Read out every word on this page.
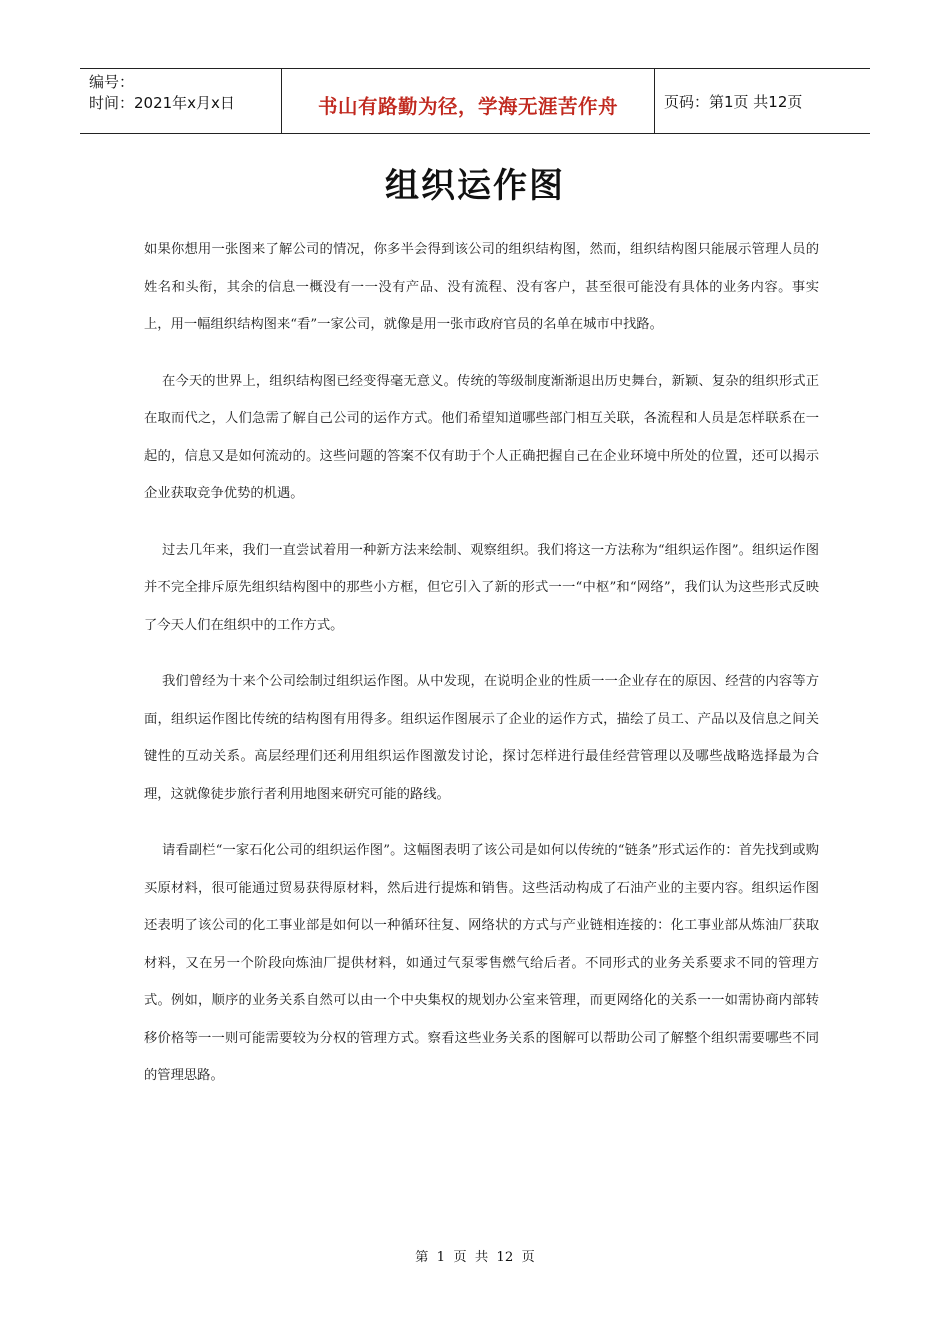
编号：
时间：2021年x月x日	书山有路勤为径，学海无涯苦作舟	页码：第1页 共12页
组织运作图

如果你想用一张图来了解公司的情况，你多半会得到该公司的组织结构图，然而，组织结构图只能展示管理人员的姓名和头衔，其余的信息一概没有一一没有产品、没有流程、没有客户，甚至很可能没有具体的业务内容。事实上，用一幅组织结构图来“看”一家公司，就像是用一张市政府官员的名单在城市中找路。

在今天的世界上，组织结构图已经变得毫无意义。传统的等级制度渐渐退出历史舞台，新颖、复杂的组织形式正在取而代之，人们急需了解自己公司的运作方式。他们希望知道哪些部门相互关联，各流程和人员是怎样联系在一起的，信息又是如何流动的。这些问题的答案不仅有助于个人正确把握自己在企业环境中所处的位置，还可以揭示企业获取竞争优势的机遇。

过去几年来，我们一直尝试着用一种新方法来绘制、观察组织。我们将这一方法称为“组织运作图”。组织运作图并不完全排斥原先组织结构图中的那些小方框，但它引入了新的形式一一“中枢”和“网络”，我们认为这些形式反映了今天人们在组织中的工作方式。

我们曾经为十来个公司绘制过组织运作图。从中发现，在说明企业的性质一一企业存在的原因、经营的内容等方面，组织运作图比传统的结构图有用得多。组织运作图展示了企业的运作方式，描绘了员工、产品以及信息之间关键性的互动关系。高层经理们还利用组织运作图激发讨论，探讨怎样进行最佳经营管理以及哪些战略选择最为合理，这就像徒步旅行者利用地图来研究可能的路线。

请看副栏“一家石化公司的组织运作图”。这幅图表明了该公司是如何以传统的“链条”形式运作的：首先找到或购买原材料，很可能通过贸易获得原材料，然后进行提炼和销售。这些活动构成了石油产业的主要内容。组织运作图还表明了该公司的化工事业部是如何以一种循环往复、网络状的方式与产业链相连接的：化工事业部从炼油厂获取材料，又在另一个阶段向炼油厂提供材料，如通过气泵零售燃气给后者。不同形式的业务关系要求不同的管理方式。例如，顺序的业务关系自然可以由一个中央集权的规划办公室来管理，而更网络化的关系一一如需协商内部转移价格等一一则可能需要较为分权的管理方式。察看这些业务关系的图解可以帮助公司了解整个组织需要哪些不同的管理思路。

第 1 页 共 12 页
